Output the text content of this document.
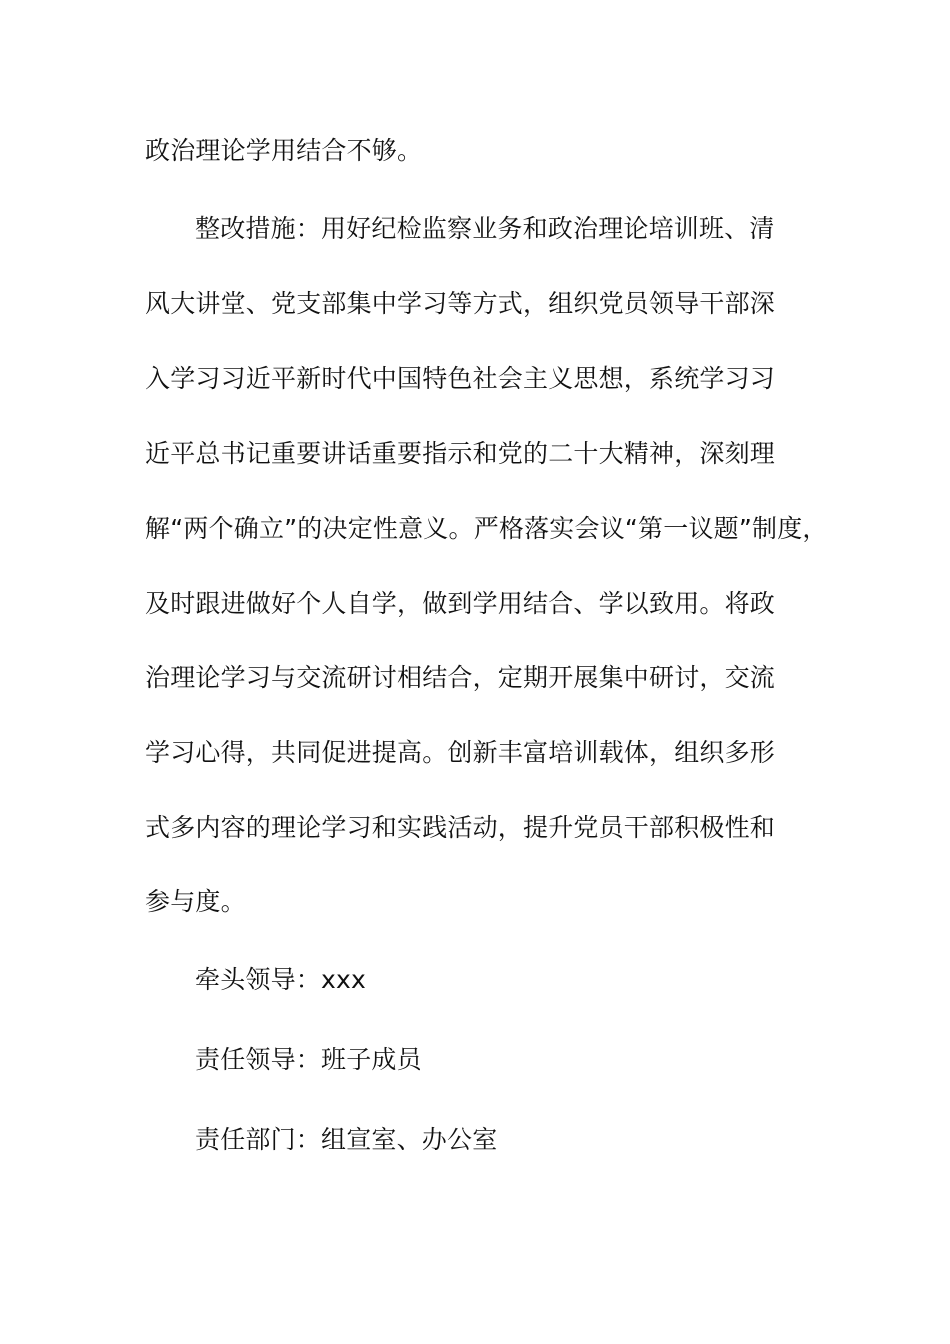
政治理论学用结合不够。
整改措施：用好纪检监察业务和政治理论培训班、清
风大讲堂、党支部集中学习等方式，组织党员领导干部深
入学习习近平新时代中国特色社会主义思想，系统学习习
近平总书记重要讲话重要指示和党的二十大精神，深刻理
解“两个确立”的决定性意义。严格落实会议“第一议题”制度，
及时跟进做好个人自学，做到学用结合、学以致用。将政
治理论学习与交流研讨相结合，定期开展集中研讨，交流
学习心得，共同促进提高。创新丰富培训载体，组织多形
式多内容的理论学习和实践活动，提升党员干部积极性和
参与度。
牵头领导：xxx
责任领导：班子成员
责任部门：组宣室、办公室
